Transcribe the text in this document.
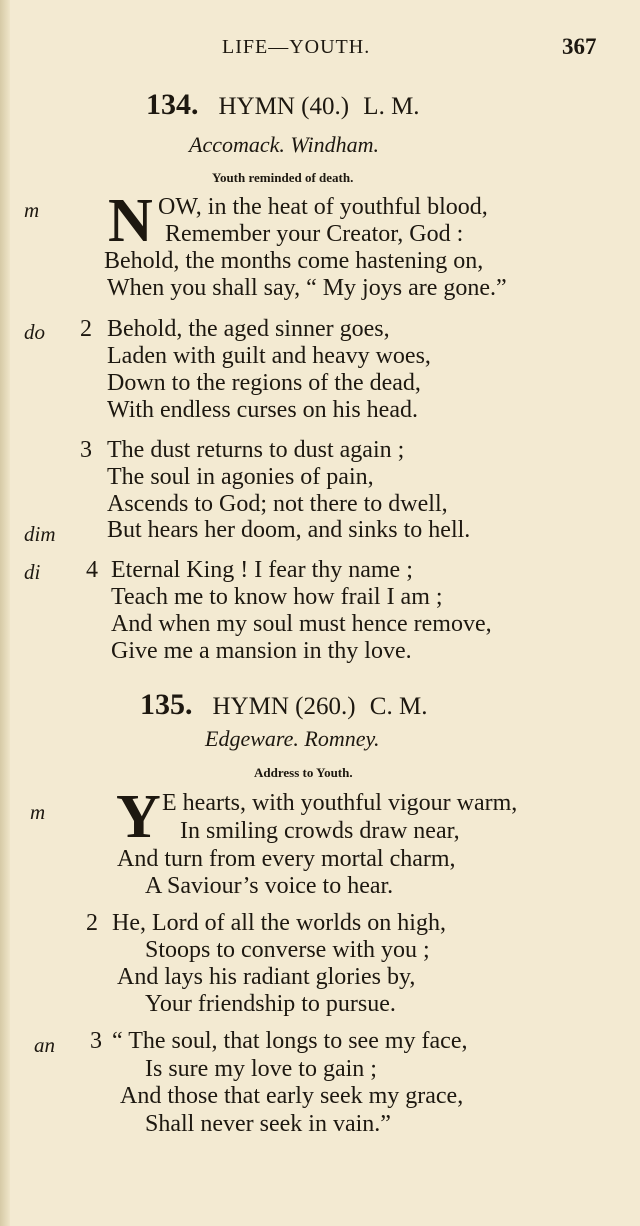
LIFE—YOUTH.	367
134. HYMN (40.) L. M.
Accomack. Windham.
Youth reminded of death.
m N OW, in the heat of youthful blood,
Remember your Creator, God :
Behold, the months come hastening on,
When you shall say, “ My joys are gone.”
do 2 Behold, the aged sinner goes,
Laden with guilt and heavy woes,
Down to the regions of the dead,
With endless curses on his head.
3 The dust returns to dust again ;
The soul in agonies of pain,
Ascends to God; not there to dwell,
dim But hears her doom, and sinks to hell.
di 4 Eternal King ! I fear thy name ;
Teach me to know how frail I am ;
And when my soul must hence remove,
Give me a mansion in thy love.
135. HYMN (260.) C. M.
Edgeware. Romney.
Address to Youth.
m Y E hearts, with youthful vigour warm,
In smiling crowds draw near,
And turn from every mortal charm,
A Saviour’s voice to hear.
2 He, Lord of all the worlds on high,
Stoops to converse with you ;
And lays his radiant glories by,
Your friendship to pursue.
an 3 “ The soul, that longs to see my face,
Is sure my love to gain ;
And those that early seek my grace,
Shall never seek in vain.”
